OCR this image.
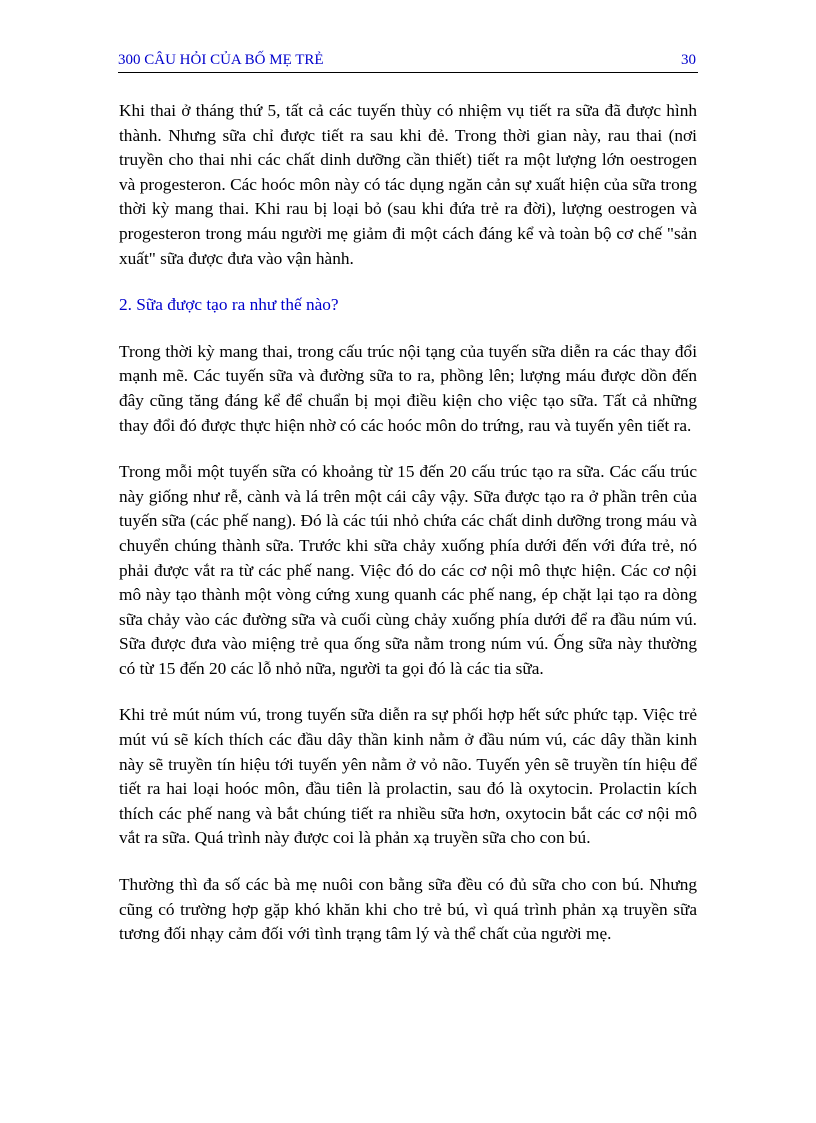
300 CÂU HỎI CỦA BỐ MẸ TRẺ	30

Khi thai ở tháng thứ 5, tất cả các tuyến thùy có nhiệm vụ tiết ra sữa đã được hình thành. Nhưng sữa chỉ được tiết ra sau khi đẻ. Trong thời gian này, rau thai (nơi truyền cho thai nhi các chất dinh dưỡng cần thiết) tiết ra một lượng lớn oestrogen và progesteron. Các hoóc môn này có tác dụng ngăn cản sự xuất hiện của sữa trong thời kỳ mang thai. Khi rau bị loại bỏ (sau khi đứa trẻ ra đời), lượng oestrogen và progesteron trong máu người mẹ giảm đi một cách đáng kể và toàn bộ cơ chế "sản xuất" sữa được đưa vào vận hành.

2. Sữa được tạo ra như thế nào?

Trong thời kỳ mang thai, trong cấu trúc nội tạng của tuyến sữa diễn ra các thay đổi mạnh mẽ. Các tuyến sữa và đường sữa to ra, phồng lên; lượng máu được dồn đến đây cũng tăng đáng kể để chuẩn bị mọi điều kiện cho việc tạo sữa. Tất cả những thay đổi đó được thực hiện nhờ có các hoóc môn do trứng, rau và tuyến yên tiết ra.

Trong mỗi một tuyến sữa có khoảng từ 15 đến 20 cấu trúc tạo ra sữa. Các cấu trúc này giống như rễ, cành và lá trên một cái cây vậy. Sữa được tạo ra ở phần trên của tuyến sữa (các phế nang). Đó là các túi nhỏ chứa các chất dinh dưỡng trong máu và chuyển chúng thành sữa. Trước khi sữa chảy xuống phía dưới đến với đứa trẻ, nó phải được vắt ra từ các phế nang. Việc đó do các cơ nội mô thực hiện. Các cơ nội mô này tạo thành một vòng cứng xung quanh các phế nang, ép chặt lại tạo ra dòng sữa chảy vào các đường sữa và cuối cùng chảy xuống phía dưới để ra đầu núm vú. Sữa được đưa vào miệng trẻ qua ống sữa nằm trong núm vú. Ống sữa này thường có từ 15 đến 20 các lỗ nhỏ nữa, người ta gọi đó là các tia sữa.

Khi trẻ mút núm vú, trong tuyến sữa diễn ra sự phối hợp hết sức phức tạp. Việc trẻ mút vú sẽ kích thích các đầu dây thần kinh nằm ở đầu núm vú, các dây thần kinh này sẽ truyền tín hiệu tới tuyến yên nằm ở vỏ não. Tuyến yên sẽ truyền tín hiệu để tiết ra hai loại hoóc môn, đầu tiên là prolactin, sau đó là oxytocin. Prolactin kích thích các phế nang và bắt chúng tiết ra nhiều sữa hơn, oxytocin bắt các cơ nội mô vắt ra sữa. Quá trình này được coi là phản xạ truyền sữa cho con bú.

Thường thì đa số các bà mẹ nuôi con bằng sữa đều có đủ sữa cho con bú. Nhưng cũng có trường hợp gặp khó khăn khi cho trẻ bú, vì quá trình phản xạ truyền sữa tương đối nhạy cảm đối với tình trạng tâm lý và thể chất của người mẹ.
